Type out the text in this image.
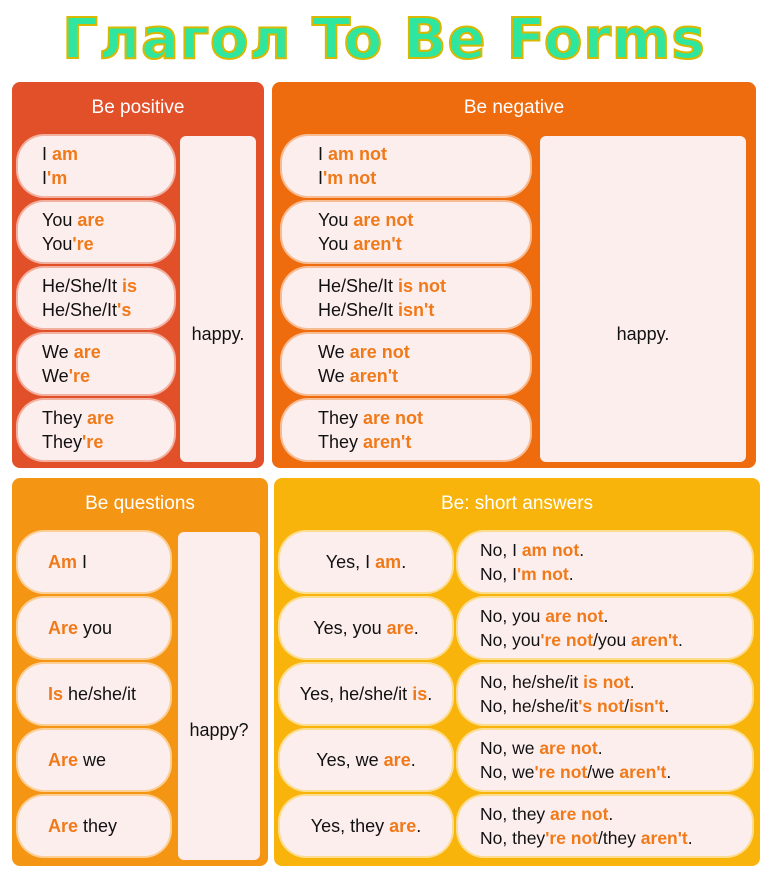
Глагол To Be Forms
Be positive
I am
I'm
You are
You're
He/She/It is
He/She/It's
We are
We're
They are
They're
happy.
Be negative
I am not
I'm not
You are not
You aren't
He/She/It is not
He/She/It isn't
We are not
We aren't
They are not
They aren't
happy.
Be questions
Am I
Are you
Is he/she/it
Are we
Are they
happy?
Be: short answers
Yes, I am.
No, I am not.
No, I'm not.
Yes, you are.
No, you are not.
No, you're not/you aren't.
Yes, he/she/it is.
No, he/she/it is not.
No, he/she/it's not/isn't.
Yes, we are.
No, we are not.
No, we're not/we aren't.
Yes, they are.
No, they are not.
No, they're not/they aren't.
